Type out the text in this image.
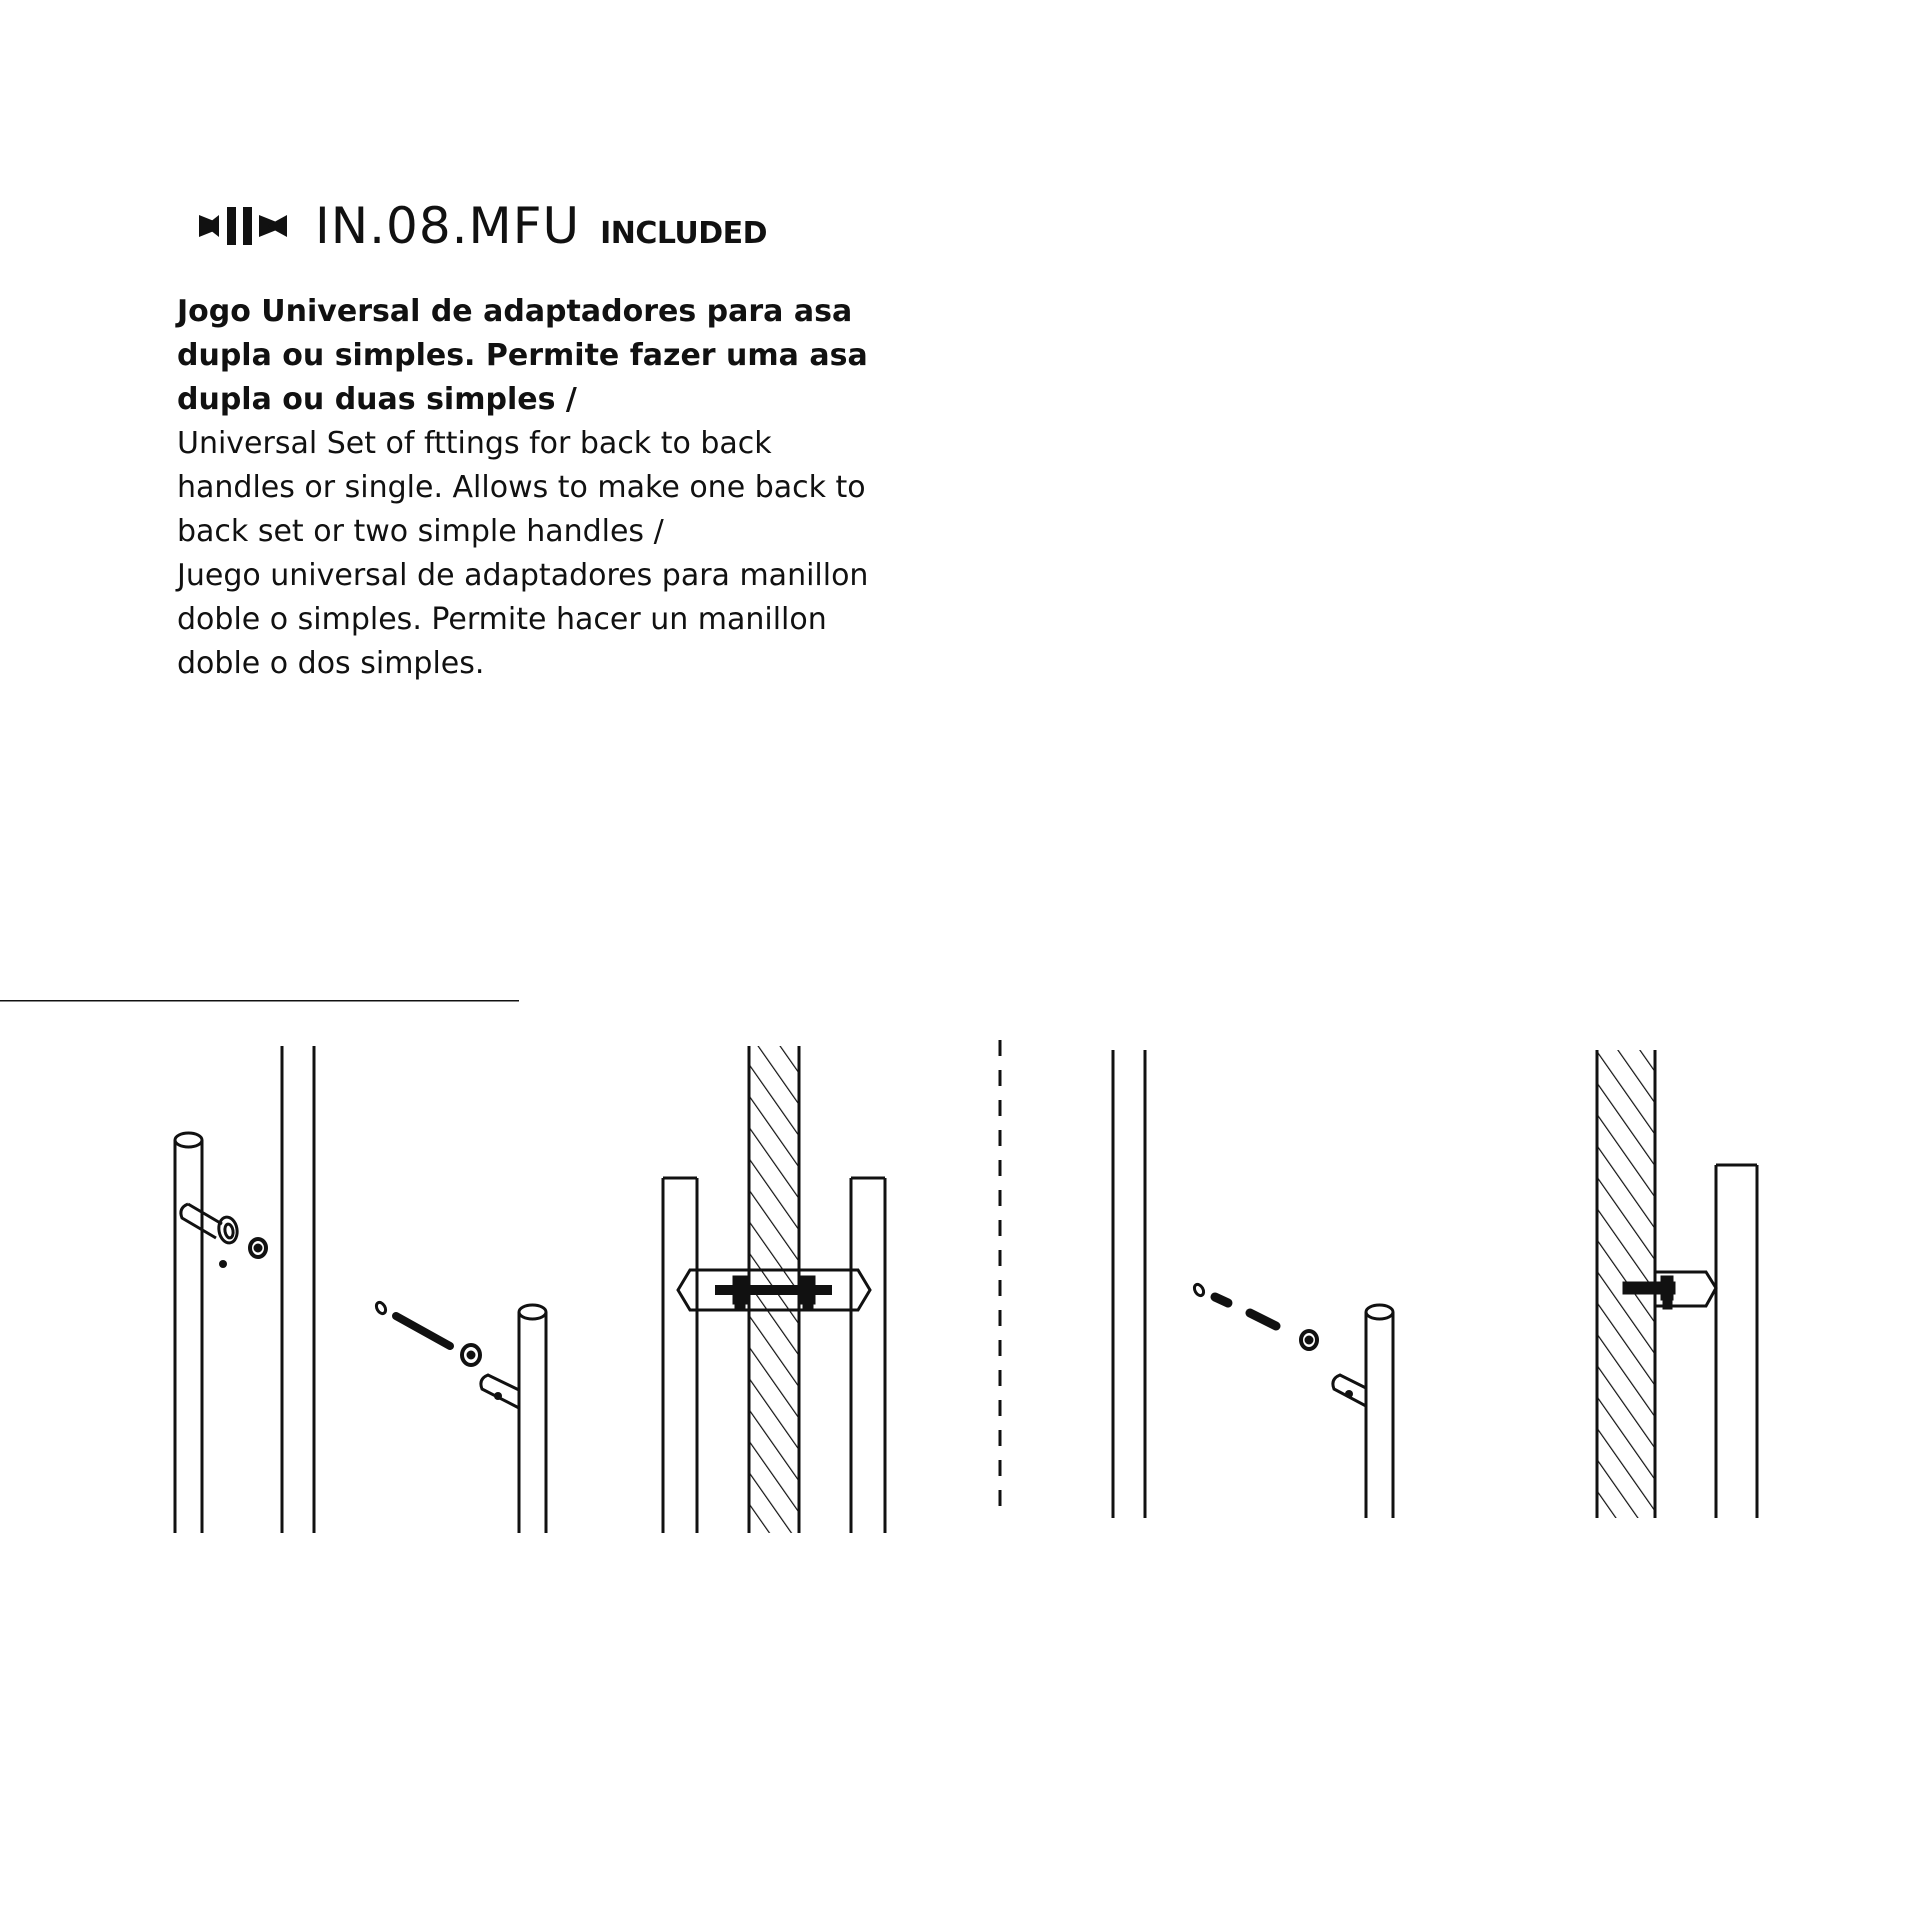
IN.08.MFU INCLUDED

Jogo Universal de adaptadores para asa dupla ou simples. Permite fazer uma asa dupla ou duas simples /

Universal Set of fttings for back to back handles or single. Allows to make one back to back set or two simple handles /

Juego universal de adaptadores para manillon doble o simples. Permite hacer un manillon doble o dos simples.
